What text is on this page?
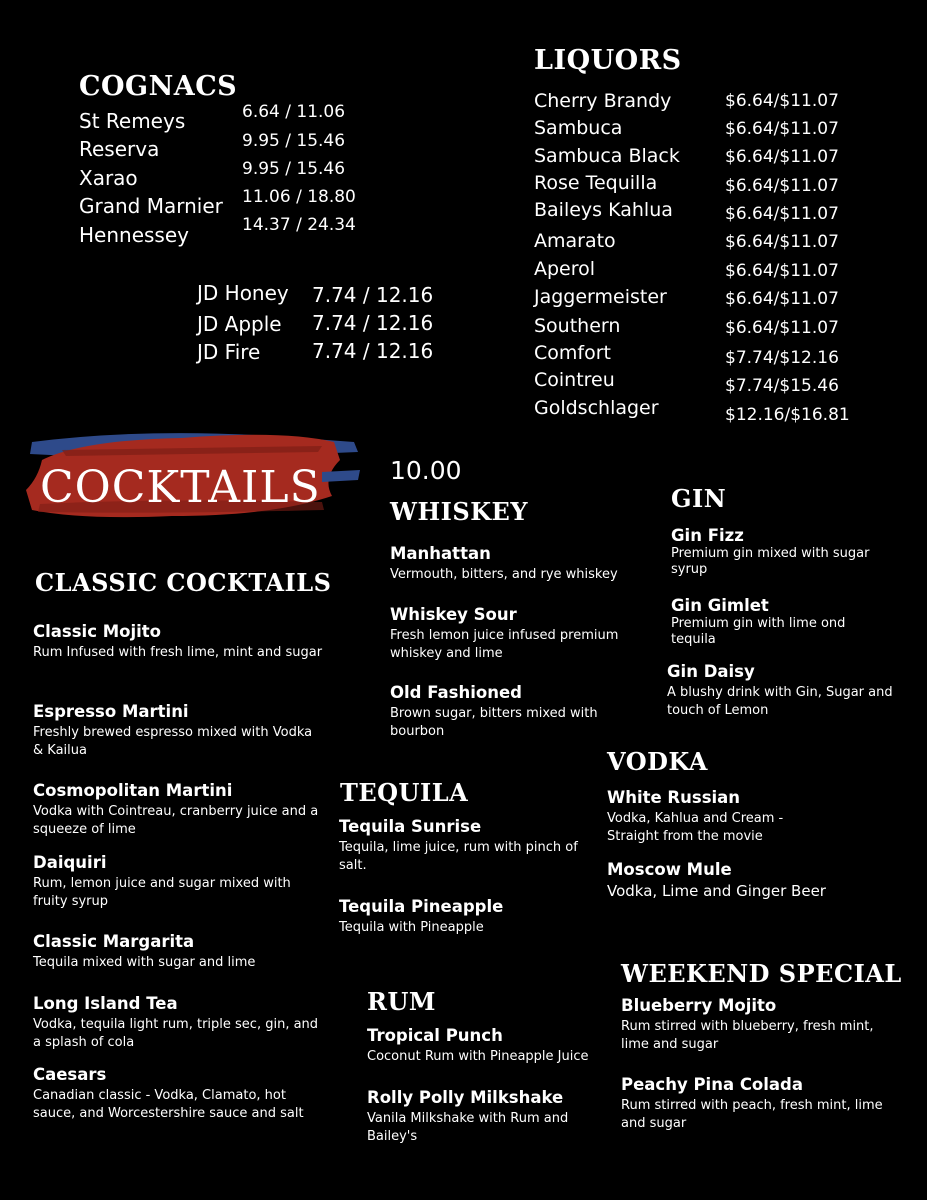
COGNACS
St Remeys	6.64 / 11.06
Reserva	9.95 / 15.46
Xarao	9.95 / 15.46
Grand Marnier 11.06 / 18.80
Hennessey	14.37 / 24.34
JD Honey 7.74 / 12.16
JD Apple 7.74 / 12.16
JD Fire	7.74 / 12.16
LIQUORS
Cherry Brandy	$6.64/$11.07
Sambuca	$6.64/$11.07
Sambuca Black	$6.64/$11.07
Rose Tequilla	$6.64/$11.07
Baileys Kahlua	$6.64/$11.07
Amarato	$6.64/$11.07
Aperol	$6.64/$11.07
Jaggermeister	$6.64/$11.07
Southern	$6.64/$11.07
Comfort	$7.74/$12.16
Cointreu	$7.74/$15.46
Goldschlager	$12.16/$16.81
COCKTAILS	10.00
CLASSIC COCKTAILS
Classic Mojito
Rum Infused with fresh lime, mint and sugar
Espresso Martini
Freshly brewed espresso mixed with Vodka & Kailua
Cosmopolitan Martini
Vodka with Cointreau, cranberry juice and a squeeze of lime
Daiquiri
Rum, lemon juice and sugar mixed with fruity syrup
Classic Margarita
Tequila mixed with sugar and lime
Long Island Tea
Vodka, tequila light rum, triple sec, gin, and a splash of cola
Caesars
Canadian classic - Vodka, Clamato, hot sauce, and Worcestershire sauce and salt
WHISKEY
Manhattan
Vermouth, bitters, and rye whiskey
Whiskey Sour
Fresh lemon juice infused premium whiskey and lime
Old Fashioned
Brown sugar, bitters mixed with bourbon
GIN
Gin Fizz
Premium gin mixed with sugar syrup
Gin Gimlet
Premium gin with lime ond tequila
Gin Daisy
A blushy drink with Gin, Sugar and touch of Lemon
TEQUILA
Tequila Sunrise
Tequila, lime juice, rum with pinch of salt.
Tequila Pineapple
Tequila with Pineapple
VODKA
White Russian
Vodka, Kahlua and Cream - Straight from the movie
Moscow Mule
Vodka, Lime and Ginger Beer
RUM
Tropical Punch
Coconut Rum with Pineapple Juice
Rolly Polly Milkshake
Vanila Milkshake with Rum and Bailey's
WEEKEND SPECIAL
Blueberry Mojito
Rum stirred with blueberry, fresh mint, lime and sugar
Peachy Pina Colada
Rum stirred with peach, fresh mint, lime and sugar
